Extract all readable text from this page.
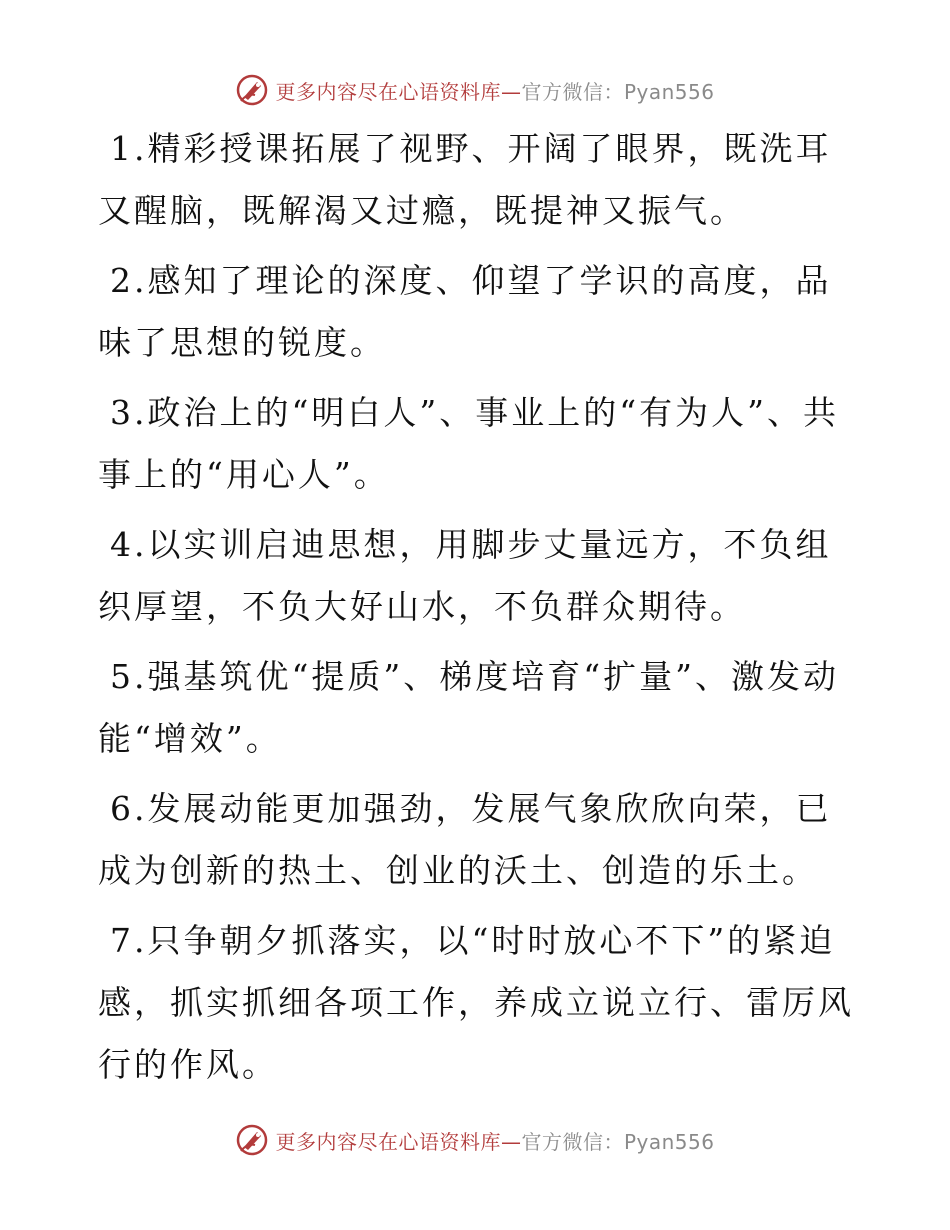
更多内容尽在心语资料库—官方微信：Pyan556

1.精彩授课拓展了视野、开阔了眼界，既洗耳又醒脑，既解渴又过瘾，既提神又振气。

2.感知了理论的深度、仰望了学识的高度，品味了思想的锐度。

3.政治上的“明白人”、事业上的“有为人”、共事上的“用心人”。

4.以实训启迪思想，用脚步丈量远方，不负组织厚望，不负大好山水，不负群众期待。

5.强基筑优“提质”、梯度培育“扩量”、激发动能“增效”。

6.发展动能更加强劲，发展气象欣欣向荣，已成为创新的热土、创业的沃土、创造的乐土。

7.只争朝夕抓落实，以“时时放心不下”的紧迫感，抓实抓细各项工作，养成立说立行、雷厉风行的作风。

更多内容尽在心语资料库—官方微信：Pyan556
